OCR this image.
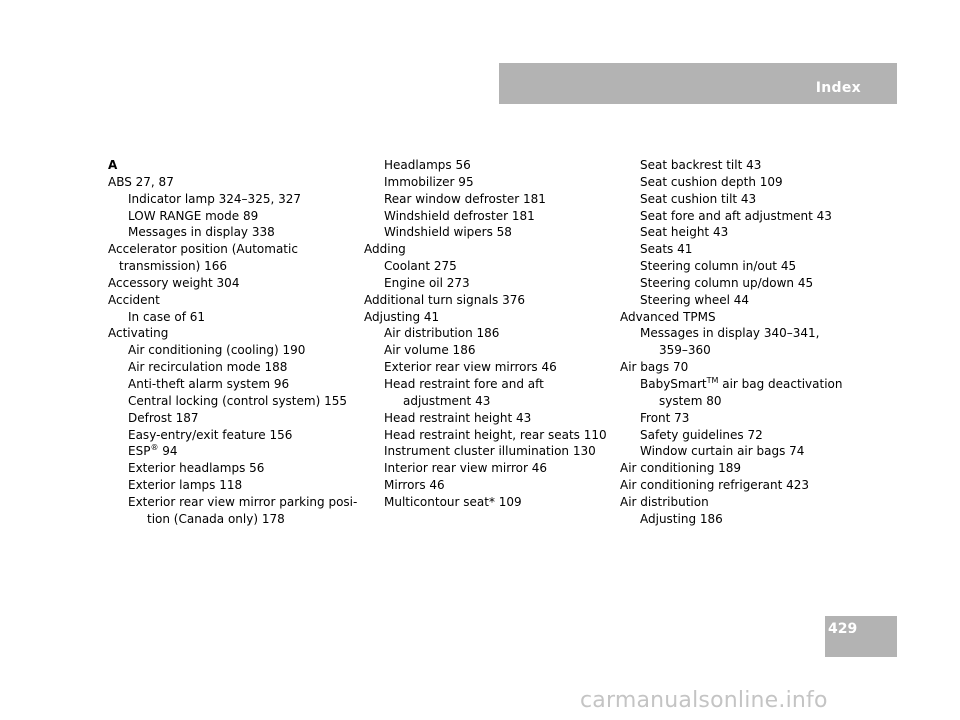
Index
A
ABS 27, 87
Indicator lamp 324–325, 327
LOW RANGE mode 89
Messages in display 338
Accelerator position (Automatic
transmission) 166
Accessory weight 304
Accident
In case of 61
Activating
Air conditioning (cooling) 190
Air recirculation mode 188
Anti-theft alarm system 96
Central locking (control system) 155
Defrost 187
Easy-entry/exit feature 156
ESP® 94
Exterior headlamps 56
Exterior lamps 118
Exterior rear view mirror parking posi-
tion (Canada only) 178
Headlamps 56
Immobilizer 95
Rear window defroster 181
Windshield defroster 181
Windshield wipers 58
Adding
Coolant 275
Engine oil 273
Additional turn signals 376
Adjusting 41
Air distribution 186
Air volume 186
Exterior rear view mirrors 46
Head restraint fore and aft
adjustment 43
Head restraint height 43
Head restraint height, rear seats 110
Instrument cluster illumination 130
Interior rear view mirror 46
Mirrors 46
Multicontour seat* 109
Seat backrest tilt 43
Seat cushion depth 109
Seat cushion tilt 43
Seat fore and aft adjustment 43
Seat height 43
Seats 41
Steering column in/out 45
Steering column up/down 45
Steering wheel 44
Advanced TPMS
Messages in display 340–341,
359–360
Air bags 70
BabySmart™ air bag deactivation
system 80
Front 73
Safety guidelines 72
Window curtain air bags 74
Air conditioning 189
Air conditioning refrigerant 423
Air distribution
Adjusting 186
429
carmanualsonline.info
